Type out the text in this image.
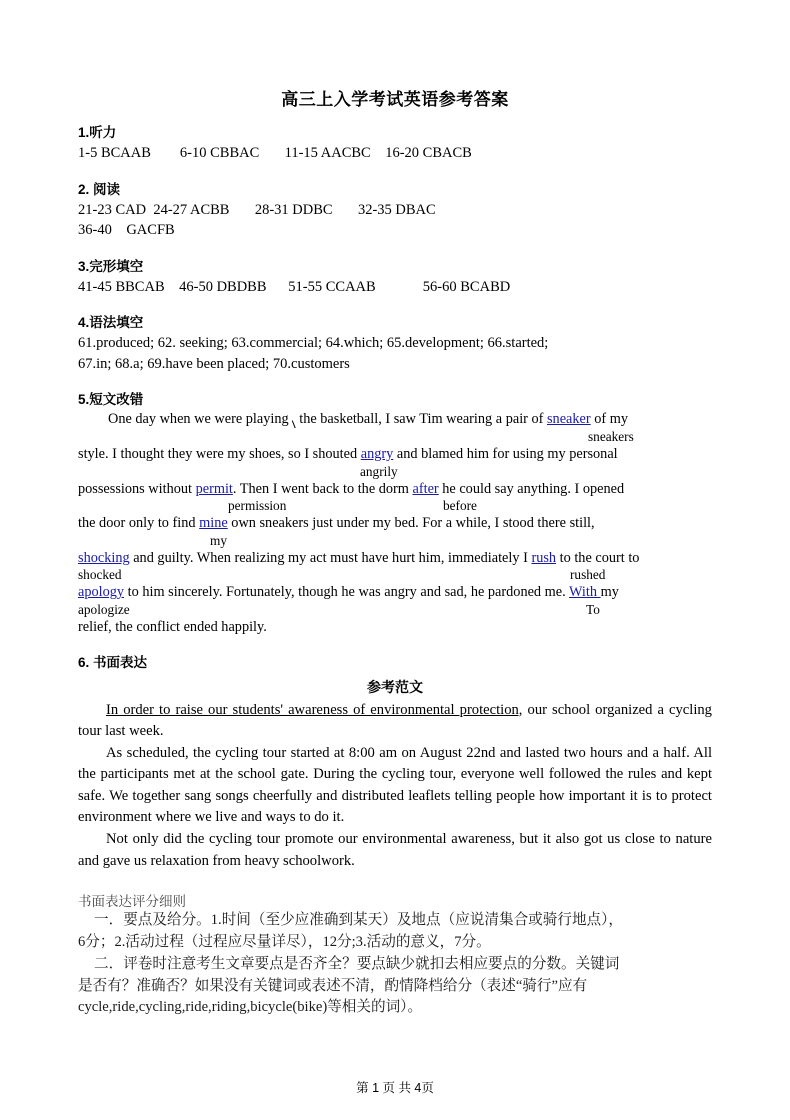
高三上入学考试英语参考答案
1.听力
1-5 BCAAB        6-10 CBBAC       11-15 AACBC    16-20 CBACB
2. 阅读
21-23 CAD  24-27 ACBB       28-31 DDBC       32-35 DBAC
36-40    GACFB
3.完形填空
41-45 BBCAB    46-50 DBDBB      51-55 CCAAB             56-60 BCABD
4.语法填空
61.produced; 62. seeking; 63.commercial; 64.which; 65.development; 66.started;
67.in; 68.a; 69.have been placed; 70.customers
5.短文改错
One day when we were playing the basketball, I saw Tim wearing a pair of sneaker of my
sneakers
style. I thought they were my shoes, so I shouted angry and blamed him for using my personal
angrily
possessions without permit. Then I went back to the dorm after he could say anything. I opened
permission	before
the door only to find mine own sneakers just under my bed. For a while, I stood there still,
my
shocking and guilty. When realizing my act must have hurt him, immediately I rush to the court to
shocked	rushed
apology to him sincerely. Fortunately, though he was angry and sad, he pardoned me. With my
apologize	To
relief, the conflict ended happily.
6. 书面表达
参考范文

In order to raise our students' awareness of environmental protection, our school organized a cycling tour last week.

As scheduled, the cycling tour started at 8:00 am on August 22nd and lasted two hours and a half. All the participants met at the school gate. During the cycling tour, everyone well followed the rules and kept safe. We together sang songs cheerfully and distributed leaflets telling people how important it is to protect environment where we live and ways to do it.

Not only did the cycling tour promote our environmental awareness, but it also got us close to nature and gave us relaxation from heavy schoolwork.

书面表达评分细则
一．要点及给分。1.时间（至少应准确到某天）及地点（应说清集合或骑行地点），
6分；2.活动过程（过程应尽量详尽），12分;3.活动的意义，7分。
二．评卷时注意考生文章要点是否齐全？要点缺少就扣去相应要点的分数。关键词
是否有？准确否？如果没有关键词或表述不清，酌情降档给分（表述“骑行”应有
cycle,ride,cycling,ride,riding,bicycle(bike)等相关的词）。
第 1 页 共 4页
